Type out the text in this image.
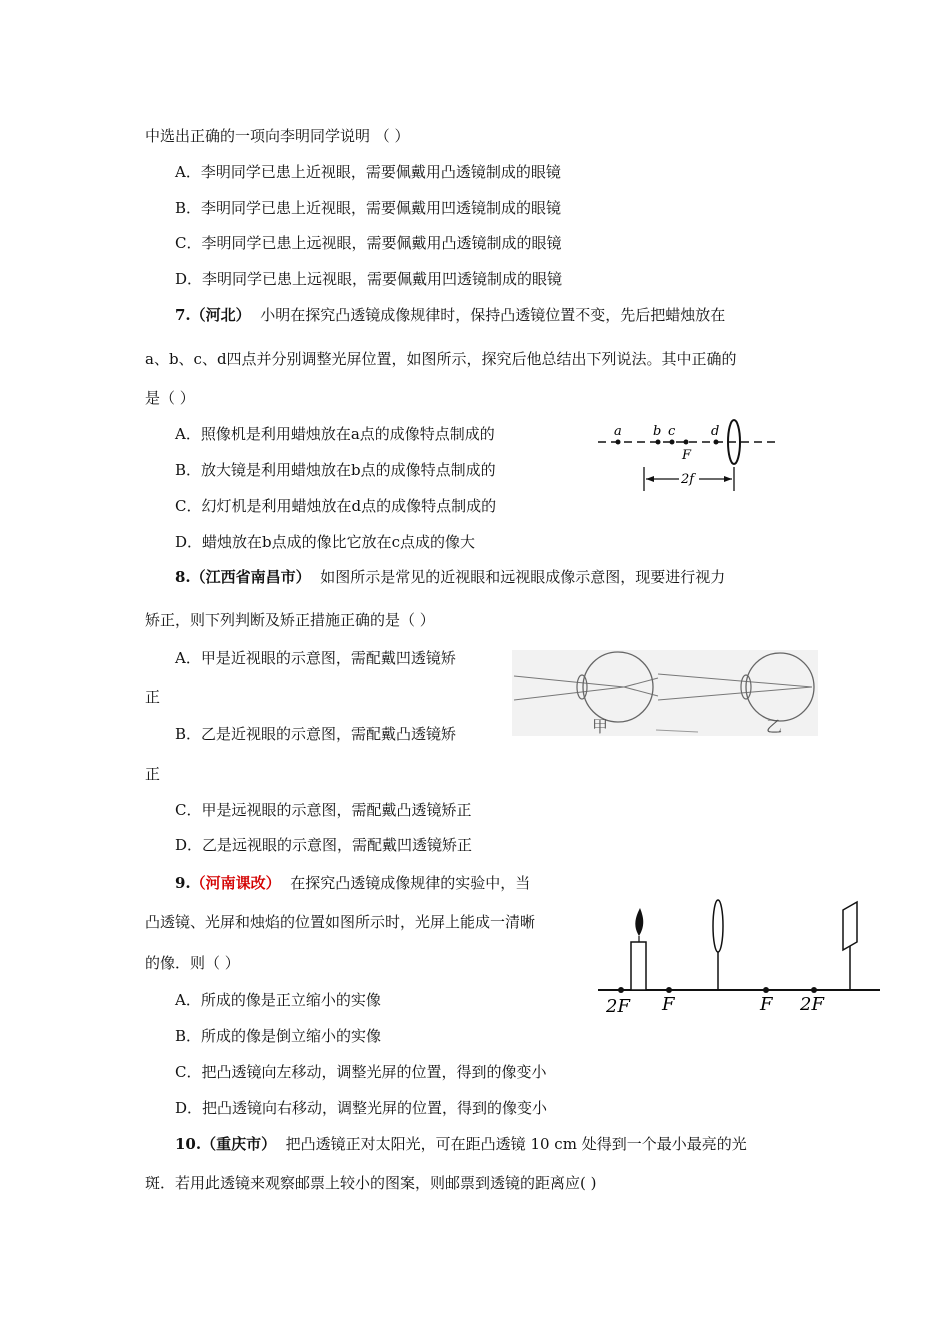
中选出正确的一项向李明同学说明 （ ）
A．李明同学已患上近视眼，需要佩戴用凸透镜制成的眼镜
B．李明同学已患上近视眼，需要佩戴用凹透镜制成的眼镜
C．李明同学已患上远视眼，需要佩戴用凸透镜制成的眼镜
D．李明同学已患上远视眼，需要佩戴用凹透镜制成的眼镜
7.（河北） 小明在探究凸透镜成像规律时，保持凸透镜位置不变，先后把蜡烛放在
a、b、c、d四点并分别调整光屏位置，如图所示，探究后他总结出下列说法。其中正确的
是（ ）
A．照像机是利用蜡烛放在a点的成像特点制成的
B．放大镜是利用蜡烛放在b点的成像特点制成的
C．幻灯机是利用蜡烛放在d点的成像特点制成的
D．蜡烛放在b点成的像比它放在c点成的像大
a b c	d
F
2f
8.（江西省南昌市） 如图所示是常见的近视眼和远视眼成像示意图，现要进行视力
矫正，则下列判断及矫正措施正确的是（ ）
A．甲是近视眼的示意图，需配戴凹透镜矫
正
B．乙是近视眼的示意图，需配戴凸透镜矫
正
C．甲是远视眼的示意图，需配戴凸透镜矫正
D．乙是远视眼的示意图，需配戴凹透镜矫正
甲	乙
9.（河南课改） 在探究凸透镜成像规律的实验中，当
凸透镜、光屏和烛焰的位置如图所示时，光屏上能成一清晰
的像．则（ ）
A．所成的像是正立缩小的实像
B．所成的像是倒立缩小的实像
C．把凸透镜向左移动，调整光屏的位置，得到的像变小
D．把凸透镜向右移动，调整光屏的位置，得到的像变小
2F F	F 2F
10.（重庆市） 把凸透镜正对太阳光，可在距凸透镜 10 cm 处得到一个最小最亮的光
斑．若用此透镜来观察邮票上较小的图案，则邮票到透镜的距离应( )
